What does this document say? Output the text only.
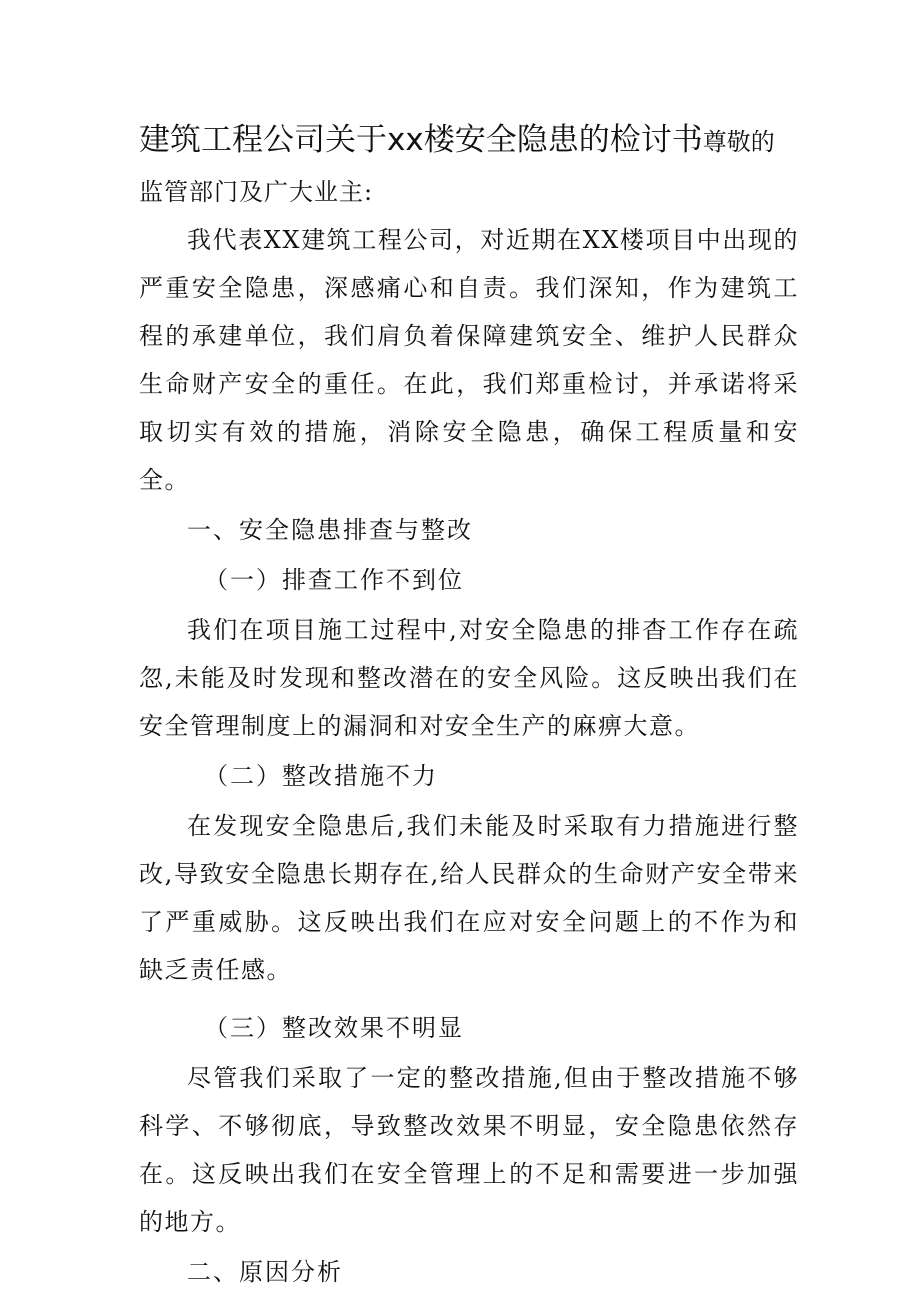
建筑工程公司关于xx楼安全隐患的检讨书尊敬的
监管部门及广大业主:

我代表XX建筑工程公司，对近期在XX楼项目中出现的严重安全隐患，深感痛心和自责。我们深知，作为建筑工程的承建单位，我们肩负着保障建筑安全、维护人民群众生命财产安全的重任。在此，我们郑重检讨，并承诺将采取切实有效的措施，消除安全隐患，确保工程质量和安全。

一、安全隐患排查与整改

（一）排查工作不到位

我们在项目施工过程中,对安全隐患的排杳工作存在疏忽,未能及时发现和整改潜在的安全风险。这反映出我们在安全管理制度上的漏洞和对安全生产的麻痹大意。

（二）整改措施不力

在发现安全隐患后,我们未能及时采取有力措施进行整改,导致安全隐患长期存在,给人民群众的生命财产安全带来了严重威胁。这反映出我们在应对安全问题上的不作为和缺乏责任感。

（三）整改效果不明显

尽管我们采取了一定的整改措施,但由于整改措施不够科学、不够彻底，导致整改效果不明显，安全隐患依然存在。这反映出我们在安全管理上的不足和需要进一步加强的地方。

二、原因分析
